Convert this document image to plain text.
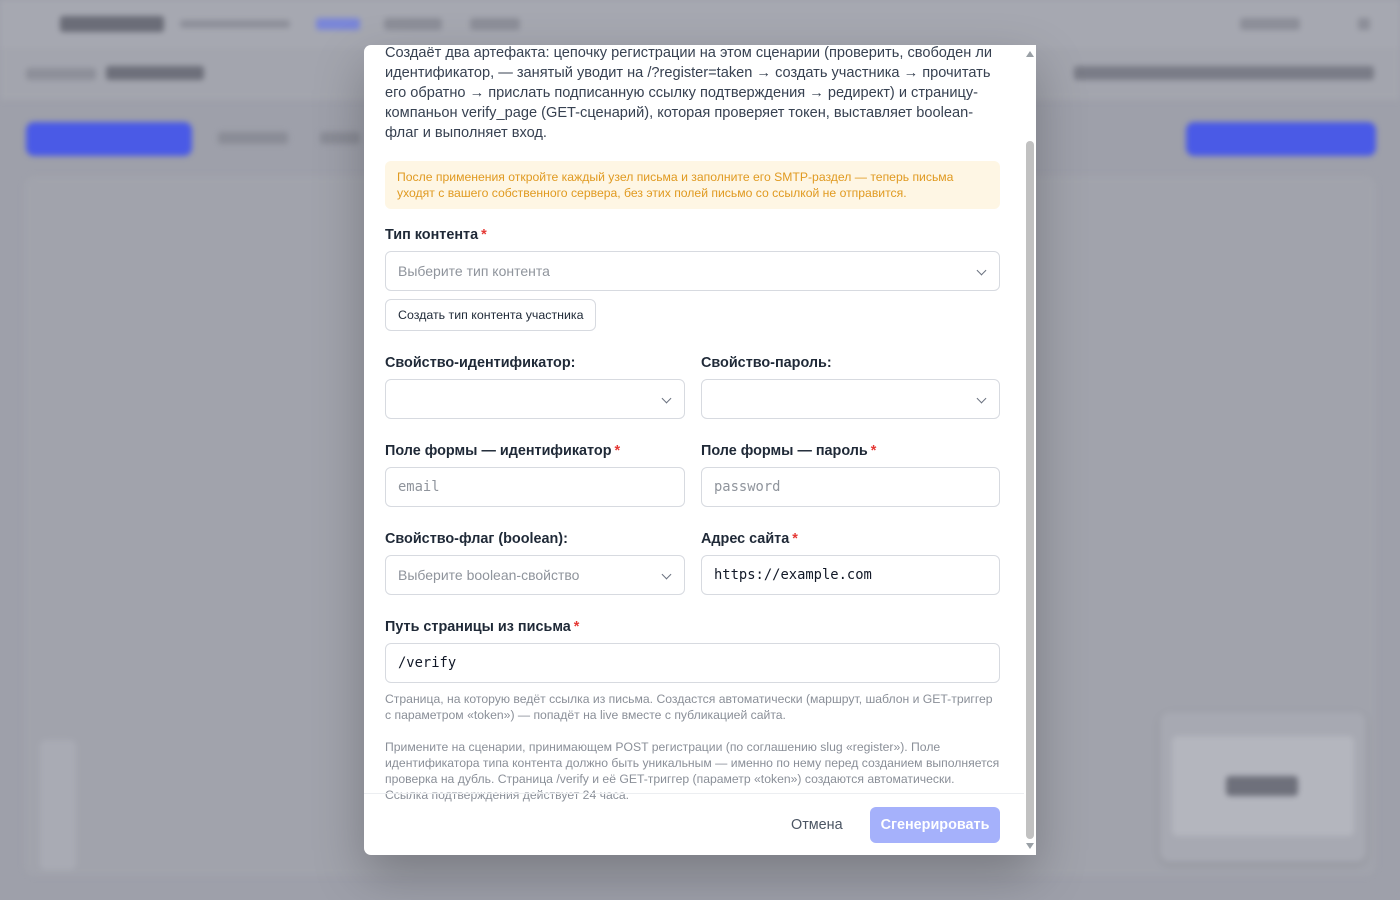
Создаёт два артефакта: цепочку регистрации на этом сценарии (проверить, свободен ли идентификатор, — занятый уводит на /?register=taken → создать участника → прочитать его обратно → прислать подписанную ссылку подтверждения → редирект) и страницу-компаньон verify_page (GET-сценарий), которая проверяет токен, выставляет boolean-флаг и выполняет вход.

После применения откройте каждый узел письма и заполните его SMTP-раздел — теперь письма уходят с вашего собственного сервера, без этих полей письмо со ссылкой не отправится.
Тип контента *
Выберите тип контента
Создать тип контента участника
Свойство-идентификатор:	Свойство-пароль:
Поле формы — идентификатор *
email
Поле формы — пароль *
password
Свойство-флаг (boolean):
Выберите boolean-свойство
Адрес сайта *
https://example.com
Путь страницы из письма *
/verify

Страница, на которую ведёт ссылка из письма. Создастся автоматически (маршрут, шаблон и GET-триггер с параметром «token») — попадёт на live вместе с публикацией сайта.

Примените на сценарии, принимающем POST регистрации (по соглашению slug «register»). Поле идентификатора типа контента должно быть уникальным — именно по нему перед созданием выполняется проверка на дубль. Страница /verify и её GET-триггер (параметр «token») создаются автоматически. Ссылка подтверждения действует 24 часа.

Отмена	Сгенерировать
